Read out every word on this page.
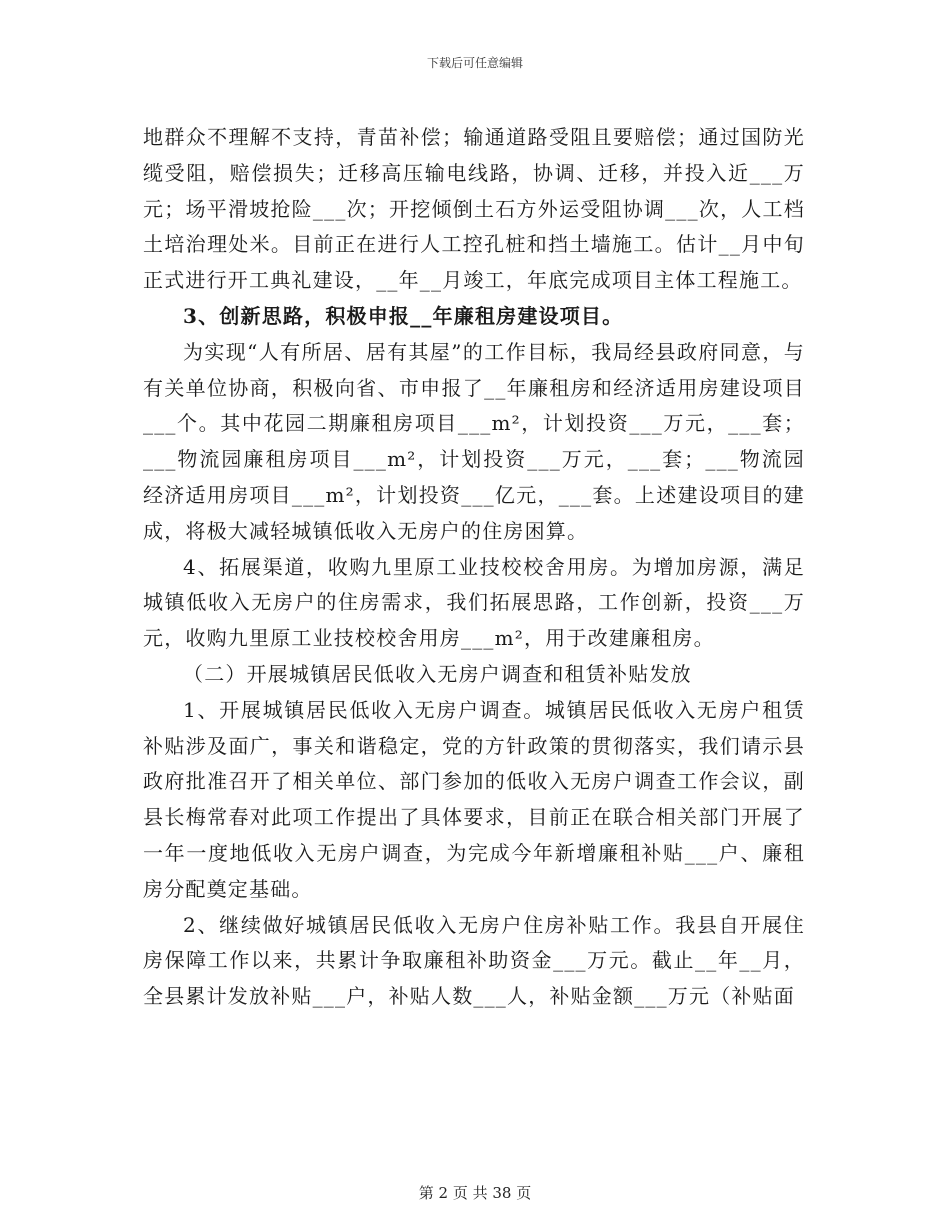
下载后可任意编辑

地群众不理解不支持，青苗补偿；输通道路受阻且要赔偿；通过国防光缆受阻，赔偿损失；迁移高压输电线路，协调、迁移，并投入近___万元；场平滑坡抢险___次；开挖倾倒土石方外运受阻协调___次，人工档土培治理处米。目前正在进行人工控孔桩和挡土墙施工。估计__月中旬正式进行开工典礼建设，__年__月竣工，年底完成项目主体工程施工。

3、创新思路，积极申报__年廉租房建设项目。

为实现“人有所居、居有其屋”的工作目标，我局经县政府同意，与有关单位协商，积极向省、市申报了__年廉租房和经济适用房建设项目___个。其中花园二期廉租房项目___m²，计划投资___万元，___套；___物流园廉租房项目___m²，计划投资___万元，___套；___物流园经济适用房项目___m²，计划投资___亿元，___套。上述建设项目的建成，将极大减轻城镇低收入无房户的住房困算。

4、拓展渠道，收购九里原工业技校校舍用房。为增加房源，满足城镇低收入无房户的住房需求，我们拓展思路，工作创新，投资___万元，收购九里原工业技校校舍用房___m²，用于改建廉租房。

（二）开展城镇居民低收入无房户调查和租赁补贴发放

1、开展城镇居民低收入无房户调查。城镇居民低收入无房户租赁补贴涉及面广，事关和谐稳定，党的方针政策的贯彻落实，我们请示县政府批准召开了相关单位、部门参加的低收入无房户调查工作会议，副县长梅常春对此项工作提出了具体要求，目前正在联合相关部门开展了一年一度地低收入无房户调查，为完成今年新增廉租补贴___户、廉租房分配奠定基础。

2、继续做好城镇居民低收入无房户住房补贴工作。我县自开展住房保障工作以来，共累计争取廉租补助资金___万元。截止__年__月，全县累计发放补贴___户，补贴人数___人，补贴金额___万元（补贴面

第 2 页 共 38 页
